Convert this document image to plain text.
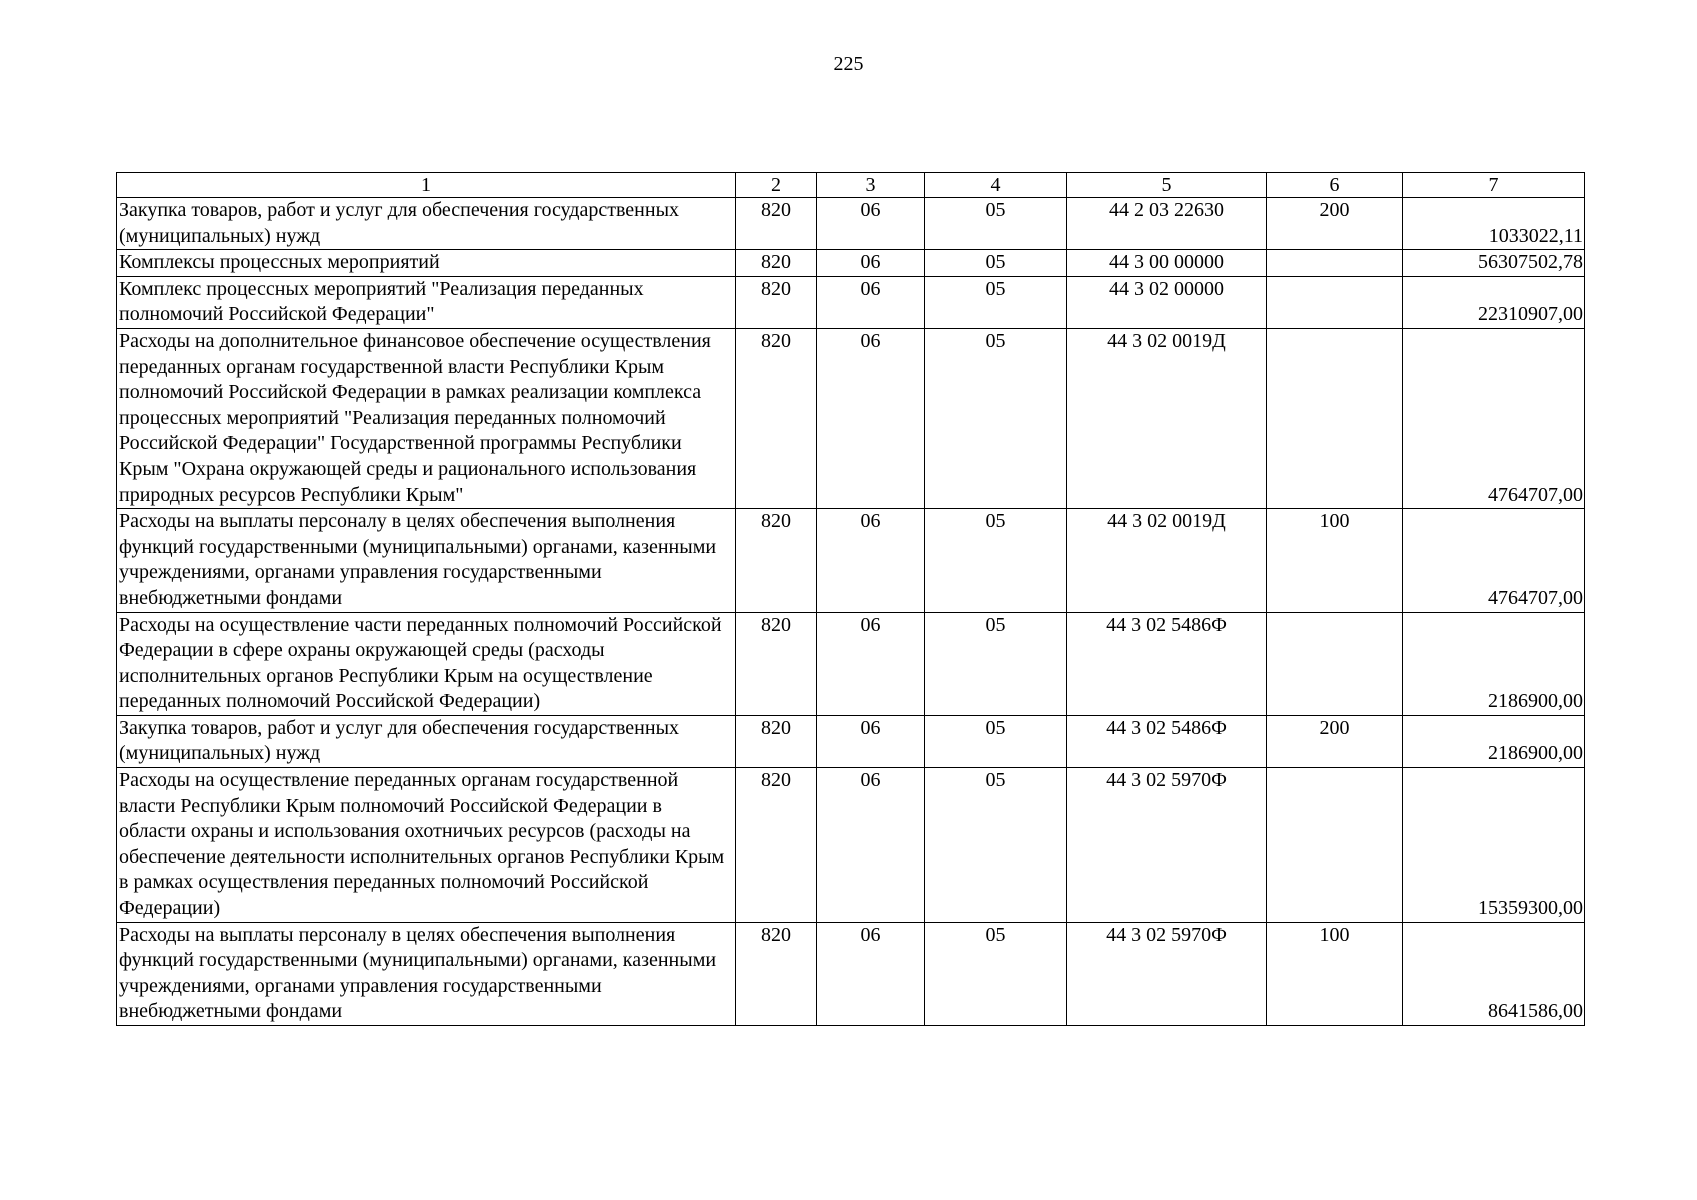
225
1	2	3	4	5	6	7
Закупка товаров, работ и услуг для обеспечения государственных (муниципальных) нужд	820	06	05	44 2 03 22630	200	1033022,11
Комплексы процессных мероприятий	820	06	05	44 3 00 00000		56307502,78
Комплекс процессных мероприятий "Реализация переданных полномочий Российской Федерации"	820	06	05	44 3 02 00000		22310907,00
Расходы на дополнительное финансовое обеспечение осуществления переданных органам государственной власти Республики Крым полномочий Российской Федерации в рамках реализации комплекса процессных мероприятий "Реализация переданных полномочий Российской Федерации" Государственной программы Республики Крым "Охрана окружающей среды и рационального использования природных ресурсов Республики Крым"	820	06	05	44 3 02 0019Д		4764707,00
Расходы на выплаты персоналу в целях обеспечения выполнения функций государственными (муниципальными) органами, казенными учреждениями, органами управления государственными внебюджетными фондами	820	06	05	44 3 02 0019Д	100	4764707,00
Расходы на осуществление части переданных полномочий Российской Федерации в сфере охраны окружающей среды (расходы исполнительных органов Республики Крым на осуществление переданных полномочий Российской Федерации)	820	06	05	44 3 02 5486Ф		2186900,00
Закупка товаров, работ и услуг для обеспечения государственных (муниципальных) нужд	820	06	05	44 3 02 5486Ф	200	2186900,00
Расходы на осуществление переданных органам государственной власти Республики Крым полномочий Российской Федерации в области охраны и использования охотничьих ресурсов (расходы на обеспечение деятельности исполнительных органов Республики Крым в рамках осуществления переданных полномочий Российской Федерации)	820	06	05	44 3 02 5970Ф		15359300,00
Расходы на выплаты персоналу в целях обеспечения выполнения функций государственными (муниципальными) органами, казенными учреждениями, органами управления государственными внебюджетными фондами	820	06	05	44 3 02 5970Ф	100	8641586,00
